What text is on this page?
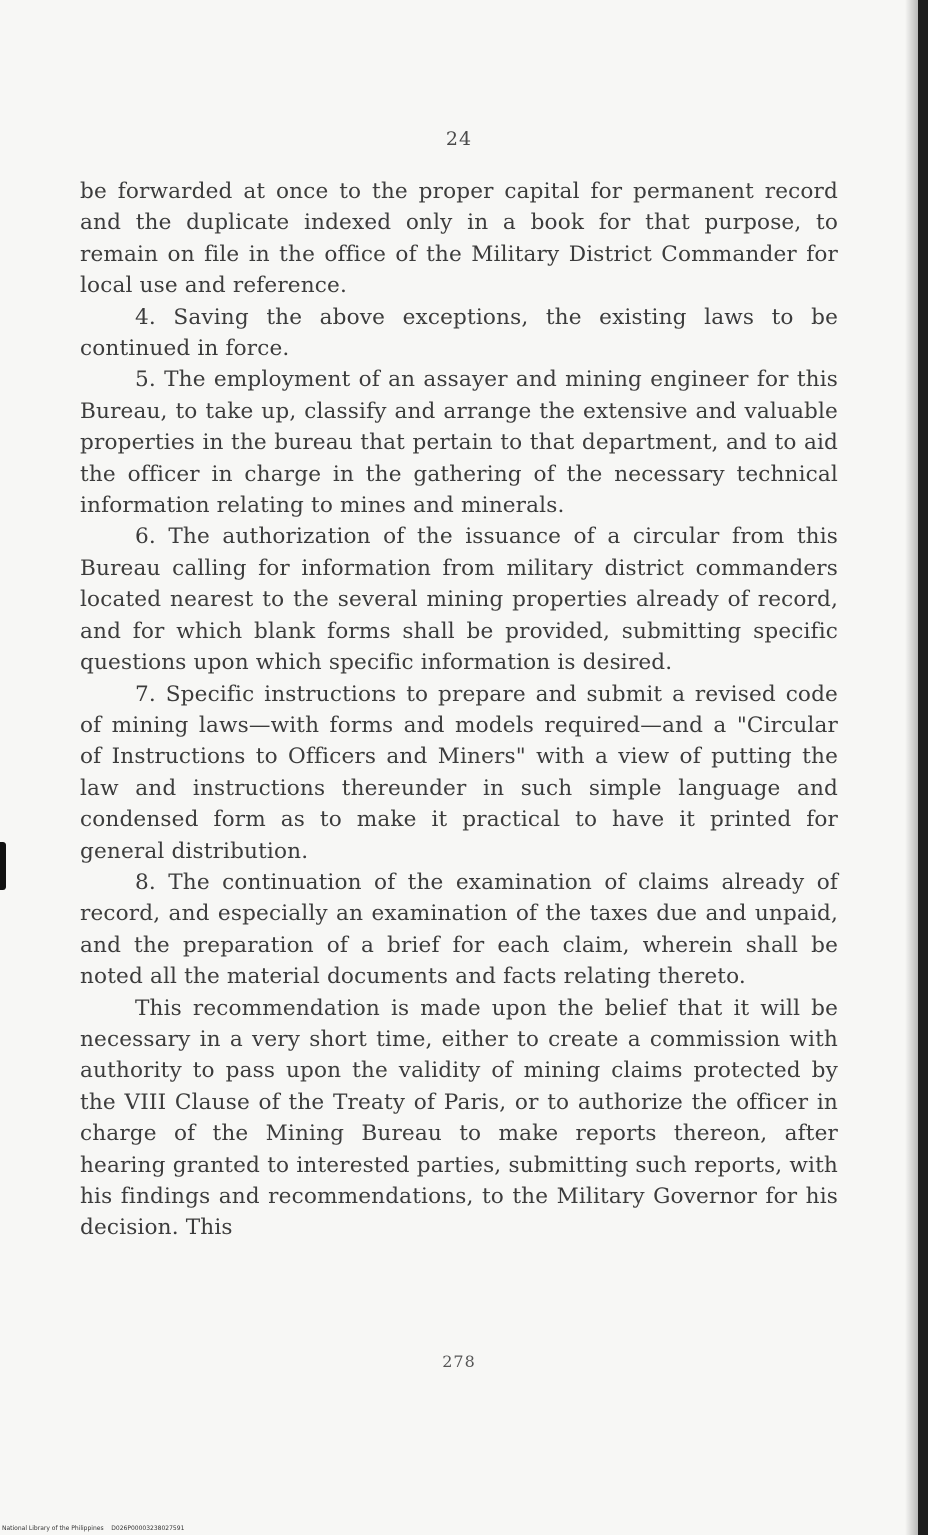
24

be forwarded at once to the proper capital for permanent record and the duplicate indexed only in a book for that purpose, to remain on file in the office of the Military District Commander for local use and reference.

4. Saving the above exceptions, the existing laws to be continued in force.

5. The employment of an assayer and mining engineer for this Bureau, to take up, classify and arrange the extensive and valuable properties in the bureau that pertain to that department, and to aid the officer in charge in the gathering of the necessary technical information relating to mines and minerals.

6. The authorization of the issuance of a circular from this Bureau calling for information from military district commanders located nearest to the several mining properties already of record, and for which blank forms shall be provided, submitting specific questions upon which specific information is desired.

7. Specific instructions to prepare and submit a revised code of mining laws—with forms and models required—and a "Circular of Instructions to Officers and Miners" with a view of putting the law and instructions thereunder in such simple language and condensed form as to make it practical to have it printed for general distribution.

8. The continuation of the examination of claims already of record, and especially an examination of the taxes due and unpaid, and the preparation of a brief for each claim, wherein shall be noted all the material documents and facts relating thereto.

This recommendation is made upon the belief that it will be necessary in a very short time, either to create a commission with authority to pass upon the validity of mining claims protected by the VIII Clause of the Treaty of Paris, or to authorize the officer in charge of the Mining Bureau to make reports thereon, after hearing granted to interested parties, submitting such reports, with his findings and recommendations, to the Military Governor for his decision. This

278
National Library of the Philippines D026P00003238027591
